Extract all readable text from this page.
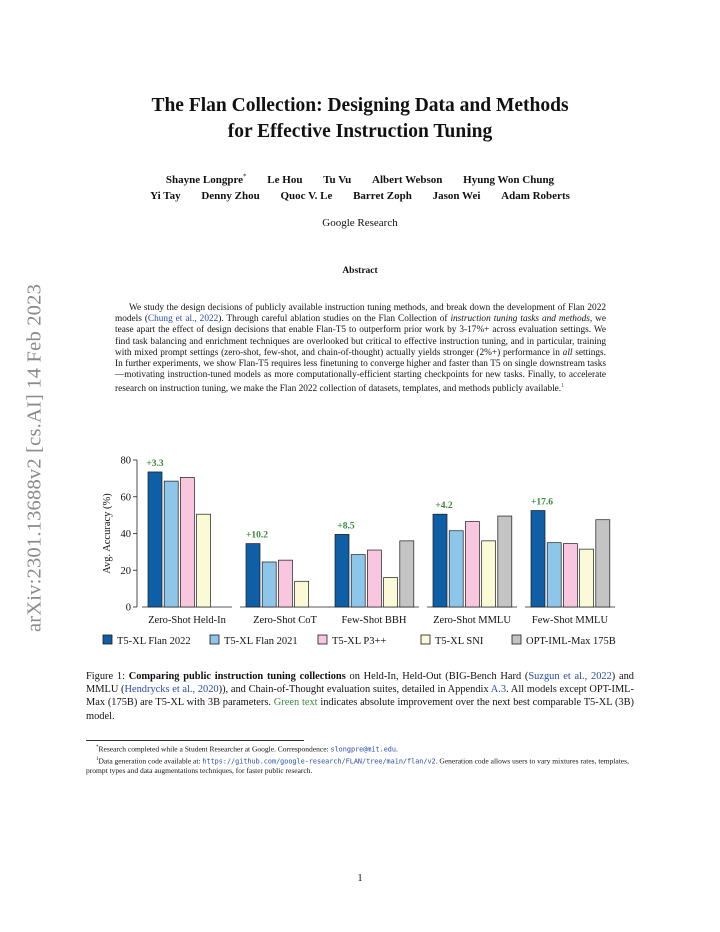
arXiv:2301.13688v2 [cs.AI] 14 Feb 2023
The Flan Collection: Designing Data and Methods
for Effective Instruction Tuning
Shayne Longpre* Le Hou Tu Vu Albert Webson Hyung Won Chung
Yi Tay Denny Zhou Quoc V. Le Barret Zoph Jason Wei Adam Roberts
Google Research
Abstract
We study the design decisions of publicly available instruction tuning methods, and break down the development of Flan 2022 models (Chung et al., 2022). Through careful ablation studies on the Flan Collection of instruction tuning tasks and methods, we tease apart the effect of design decisions that enable Flan-T5 to outperform prior work by 3-17%+ across evaluation settings. We find task balancing and enrichment techniques are overlooked but critical to effective instruction tuning, and in particular, training with mixed prompt settings (zero-shot, few-shot, and chain-of-thought) actually yields stronger (2%+) performance in all settings. In further experiments, we show Flan-T5 requires less finetuning to converge higher and faster than T5 on single downstream tasks—motivating instruction-tuned models as more computationally-efficient starting checkpoints for new tasks. Finally, to accelerate research on instruction tuning, we make the Flan 2022 collection of datasets, templates, and methods publicly available.$^1$
0
20
40
60
80
Avg. Accuracy (%)
+3.3
Zero-Shot Held-In
+10.2
Zero-Shot CoT
+8.5
Few-Shot BBH
+4.2
Zero-Shot MMLU
+17.6
Few-Shot MMLU
T5-XL Flan 2022	T5-XL Flan 2021	T5-XL P3++	T5-XL SNI	OPT-IML-Max 175B
Figure 1: Comparing public instruction tuning collections on Held-In, Held-Out (BIG-Bench Hard (Suzgun et al., 2022) and MMLU (Hendrycks et al., 2020)), and Chain-of-Thought evaluation suites, detailed in Appendix A.3. All models except OPT-IML-Max (175B) are T5-XL with 3B parameters. Green text indicates absolute improvement over the next best comparable T5-XL (3B) model.

*Research completed while a Student Researcher at Google. Correspondence: slongpre@mit.edu.

$^1$Data generation code available at: https://github.com/google-research/FLAN/tree/main/flan/v2. Generation code allows users to vary mixtures rates, templates, prompt types and data augmentations techniques, for faster public research.

1
